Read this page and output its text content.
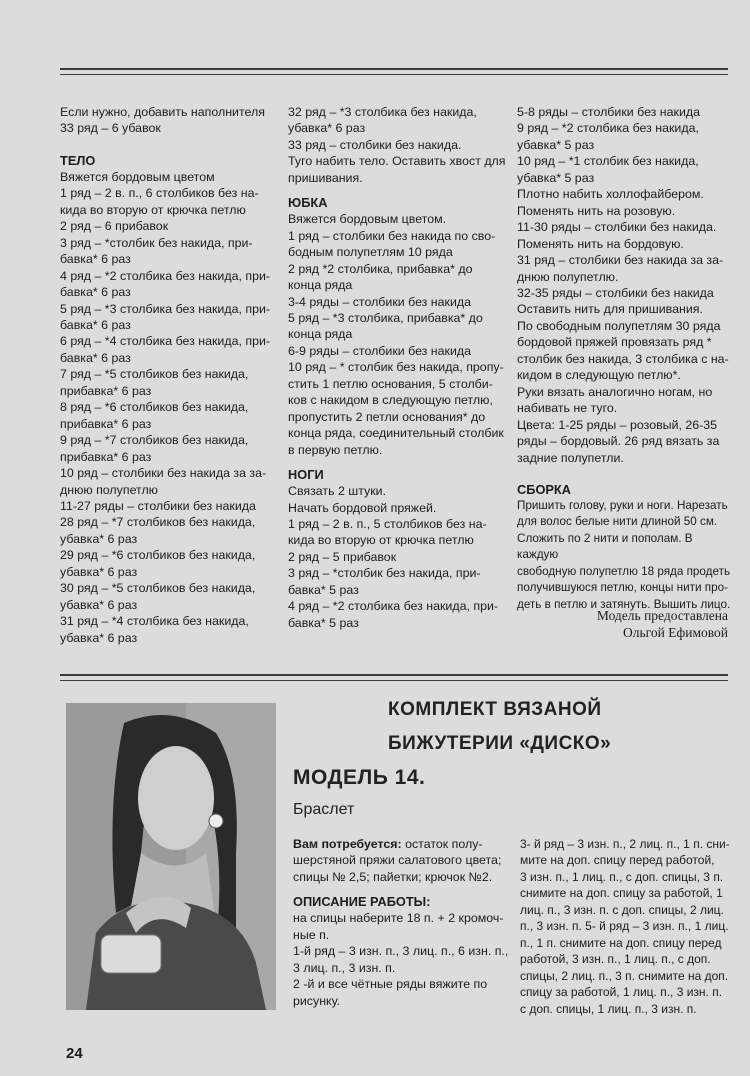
Если нужно, добавить наполнителя
33 ряд – 6 убавок

ТЕЛО

Вяжется бордовым цветом
1 ряд – 2 в. п., 6 столбиков без на-
кида во вторую от крючка петлю
2 ряд – 6 прибавок
3 ряд – *столбик без накида, при-
бавка* 6 раз
4 ряд – *2 столбика без накида, при-
бавка* 6 раз
5 ряд – *3 столбика без накида, при-
бавка* 6 раз
6 ряд – *4 столбика без накида, при-
бавка* 6 раз
7 ряд – *5 столбиков без накида,
прибавка* 6 раз
8 ряд – *6 столбиков без накида,
прибавка* 6 раз
9 ряд – *7 столбиков без накида,
прибавка* 6 раз
10 ряд – столбики без накида за за-
днюю полупетлю
11-27 ряды – столбики без накида
28 ряд – *7 столбиков без накида,
убавка* 6 раз
29 ряд – *6 столбиков без накида,
убавка* 6 раз
30 ряд – *5 столбиков без накида,
убавка* 6 раз
31 ряд – *4 столбика без накида,
убавка* 6 раз

32 ряд – *3 столбика без накида,
убавка* 6 раз
33 ряд – столбики без накида.
Туго набить тело. Оставить хвост для
пришивания.

ЮБКА

Вяжется бордовым цветом.
1 ряд – столбики без накида по сво-
бодным полупетлям 10 ряда
2 ряд *2 столбика, прибавка* до
конца ряда
3-4 ряды – столбики без накида
5 ряд – *3 столбика, прибавка* до
конца ряда
6-9 ряды – столбики без накида
10 ряд – * столбик без накида, пропу-
стить 1 петлю основания, 5 столби-
ков с накидом в следующую петлю,
пропустить 2 петли основания* до
конца ряда, соединительный столбик
в первую петлю.

НОГИ

Связать 2 штуки.
Начать бордовой пряжей.
1 ряд – 2 в. п., 5 столбиков без на-
кида во вторую от крючка петлю
2 ряд – 5 прибавок
3 ряд – *столбик без накида, при-
бавка* 5 раз
4 ряд – *2 столбика без накида, при-
бавка* 5 раз

5-8 ряды – столбики без накида
9 ряд – *2 столбика без накида,
убавка* 5 раз
10 ряд – *1 столбик без накида,
убавка* 5 раз
Плотно набить холлофайбером.
Поменять нить на розовую.
11-30 ряды – столбики без накида.
Поменять нить на бордовую.
31 ряд – столбики без накида за за-
днюю полупетлю.
32-35 ряды – столбики без накида
Оставить нить для пришивания.
По свободным полупетлям 30 ряда
бордовой пряжей провязать ряд *
столбик без накида, 3 столбика с на-
кидом в следующую петлю*.
Руки вязать аналогично ногам, но
набивать не туго.
Цвета: 1-25 ряды – розовый, 26-35
ряды – бордовый. 26 ряд вязать за
задние полупетли.

СБОРКА

Пришить голову, руки и ноги. Нарезать
для волос белые нити длиной 50 см.
Сложить по 2 нити и пополам. В каждую
свободную полупетлю 18 ряда продеть
получившуюся петлю, концы нити про-
деть в петлю и затянуть. Вышить лицо.

Модель предоставлена
Ольгой Ефимовой

КОМПЛЕКТ ВЯЗАНОЙ
БИЖУТЕРИИ «ДИСКО»
МОДЕЛЬ 14.
Браслет

Вам потребуется: остаток полу-
шерстяной пряжи салатового цвета;
спицы № 2,5; пайетки; крючок №2.

ОПИСАНИЕ РАБОТЫ:

на спицы наберите 18 п. + 2 кромоч-
ные п.
1-й ряд – 3 изн. п., 3 лиц. п., 6 изн. п.,
3 лиц. п., 3 изн. п.
2 -й и все чётные ряды вяжите по
рисунку.

3- й ряд – 3 изн. п., 2 лиц. п., 1 п. сни-
мите на доп. спицу перед работой,
3 изн. п., 1 лиц. п., с доп. спицы, 3 п.
снимите на доп. спицу за работой, 1
лиц. п., 3 изн. п. с доп. спицы, 2 лиц.
п., 3 изн. п. 5- й ряд – 3 изн. п., 1 лиц.
п., 1 п. снимите на доп. спицу перед
работой, 3 изн. п., 1 лиц. п., с доп.
спицы, 2 лиц. п., 3 п. снимите на доп.
спицу за работой, 1 лиц. п., 3 изн. п.
с доп. спицы, 1 лиц. п., 3 изн. п.

24
